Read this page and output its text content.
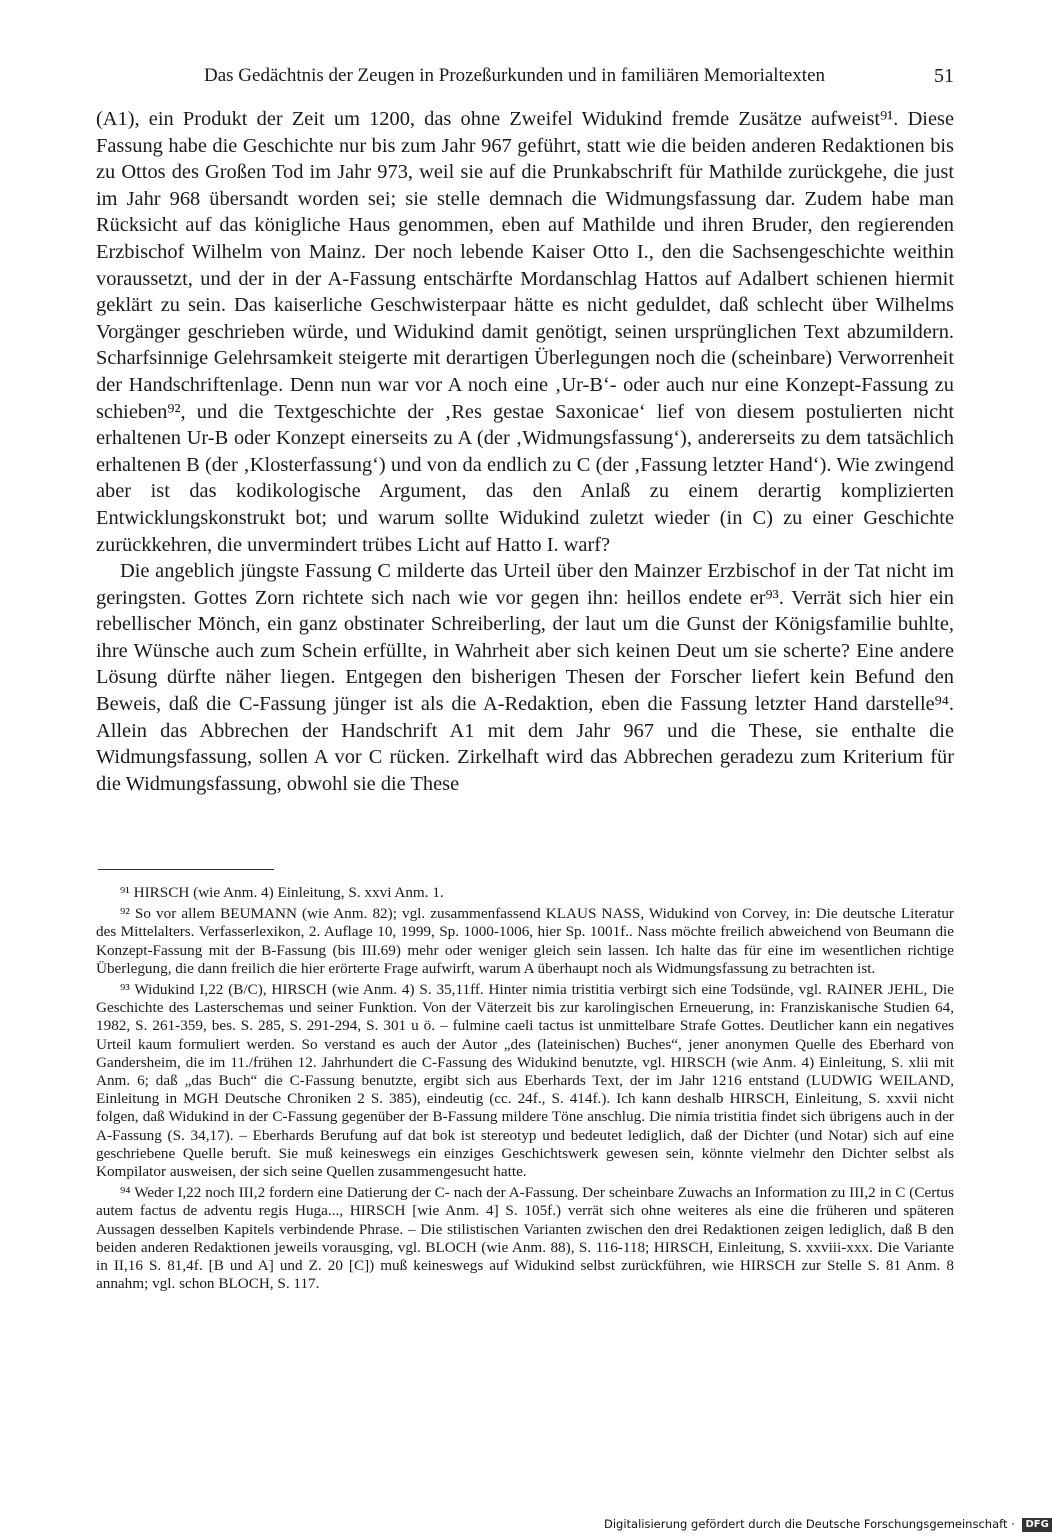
Das Gedächtnis der Zeugen in Prozeßurkunden und in familiären Memorialtexten	51

(A1), ein Produkt der Zeit um 1200, das ohne Zweifel Widukind fremde Zusätze aufweist⁹¹. Diese Fassung habe die Geschichte nur bis zum Jahr 967 geführt, statt wie die beiden anderen Redaktionen bis zu Ottos des Großen Tod im Jahr 973, weil sie auf die Prunkabschrift für Mathilde zurückgehe, die just im Jahr 968 übersandt worden sei; sie stelle demnach die Widmungsfassung dar. Zudem habe man Rücksicht auf das königliche Haus genommen, eben auf Mathilde und ihren Bruder, den regierenden Erzbischof Wilhelm von Mainz. Der noch lebende Kaiser Otto I., den die Sachsengeschichte weithin voraussetzt, und der in der A-Fassung entschärfte Mordanschlag Hattos auf Adalbert schienen hiermit geklärt zu sein. Das kaiserliche Geschwisterpaar hätte es nicht geduldet, daß schlecht über Wilhelms Vorgänger geschrieben würde, und Widukind damit genötigt, seinen ursprünglichen Text abzumildern. Scharfsinnige Gelehrsamkeit steigerte mit derartigen Überlegungen noch die (scheinbare) Verworrenheit der Handschriftenlage. Denn nun war vor A noch eine ‚Ur-B‘- oder auch nur eine Konzept-Fassung zu schieben⁹², und die Textgeschichte der ‚Res gestae Saxonicae‘ lief von diesem postulierten nicht erhaltenen Ur-B oder Konzept einerseits zu A (der ‚Widmungsfassung‘), andererseits zu dem tatsächlich erhaltenen B (der ‚Klosterfassung‘) und von da endlich zu C (der ‚Fassung letzter Hand‘). Wie zwingend aber ist das kodikologische Argument, das den Anlaß zu einem derartig komplizierten Entwicklungskonstrukt bot; und warum sollte Widukind zuletzt wieder (in C) zu einer Geschichte zurückkehren, die unvermindert trübes Licht auf Hatto I. warf?

Die angeblich jüngste Fassung C milderte das Urteil über den Mainzer Erzbischof in der Tat nicht im geringsten. Gottes Zorn richtete sich nach wie vor gegen ihn: heillos endete er⁹³. Verrät sich hier ein rebellischer Mönch, ein ganz obstinater Schreiberling, der laut um die Gunst der Königsfamilie buhlte, ihre Wünsche auch zum Schein erfüllte, in Wahrheit aber sich keinen Deut um sie scherte? Eine andere Lösung dürfte näher liegen. Entgegen den bisherigen Thesen der Forscher liefert kein Befund den Beweis, daß die C-Fassung jünger ist als die A-Redaktion, eben die Fassung letzter Hand darstelle⁹⁴. Allein das Abbrechen der Handschrift A1 mit dem Jahr 967 und die These, sie enthalte die Widmungsfassung, sollen A vor C rücken. Zirkelhaft wird das Abbrechen geradezu zum Kriterium für die Widmungsfassung, obwohl sie die These

⁹¹ HIRSCH (wie Anm. 4) Einleitung, S. xxvi Anm. 1.

⁹² So vor allem BEUMANN (wie Anm. 82); vgl. zusammenfassend KLAUS NASS, Widukind von Corvey, in: Die deutsche Literatur des Mittelalters. Verfasserlexikon, 2. Auflage 10, 1999, Sp. 1000-1006, hier Sp. 1001f.. Nass möchte freilich abweichend von Beumann die Konzept-Fassung mit der B-Fassung (bis III.69) mehr oder weniger gleich sein lassen. Ich halte das für eine im wesentlichen richtige Überlegung, die dann freilich die hier erörterte Frage aufwirft, warum A überhaupt noch als Widmungsfassung zu betrachten ist.

⁹³ Widukind I,22 (B/C), HIRSCH (wie Anm. 4) S. 35,11ff. Hinter nimia tristitia verbirgt sich eine Todsünde, vgl. RAINER JEHL, Die Geschichte des Lasterschemas und seiner Funktion. Von der Väterzeit bis zur karolingischen Erneuerung, in: Franziskanische Studien 64, 1982, S. 261-359, bes. S. 285, S. 291-294, S. 301 u ö. – fulmine caeli tactus ist unmittelbare Strafe Gottes. Deutlicher kann ein negatives Urteil kaum formuliert werden. So verstand es auch der Autor „des (lateinischen) Buches“, jener anonymen Quelle des Eberhard von Gandersheim, die im 11./frühen 12. Jahrhundert die C-Fassung des Widukind benutzte, vgl. HIRSCH (wie Anm. 4) Einleitung, S. xlii mit Anm. 6; daß „das Buch“ die C-Fassung benutzte, ergibt sich aus Eberhards Text, der im Jahr 1216 entstand (LUDWIG WEILAND, Einleitung in MGH Deutsche Chroniken 2 S. 385), eindeutig (cc. 24f., S. 414f.). Ich kann deshalb HIRSCH, Einleitung, S. xxvii nicht folgen, daß Widukind in der C-Fassung gegenüber der B-Fassung mildere Töne anschlug. Die nimia tristitia findet sich übrigens auch in der A-Fassung (S. 34,17). – Eberhards Berufung auf dat bok ist stereotyp und bedeutet lediglich, daß der Dichter (und Notar) sich auf eine geschriebene Quelle beruft. Sie muß keineswegs ein einziges Geschichtswerk gewesen sein, könnte vielmehr den Dichter selbst als Kompilator ausweisen, der sich seine Quellen zusammengesucht hatte.

⁹⁴ Weder I,22 noch III,2 fordern eine Datierung der C- nach der A-Fassung. Der scheinbare Zuwachs an Information zu III,2 in C (Certus autem factus de adventu regis Huga..., HIRSCH [wie Anm. 4] S. 105f.) verrät sich ohne weiteres als eine die früheren und späteren Aussagen desselben Kapitels verbindende Phrase. – Die stilistischen Varianten zwischen den drei Redaktionen zeigen lediglich, daß B den beiden anderen Redaktionen jeweils vorausging, vgl. BLOCH (wie Anm. 88), S. 116-118; HIRSCH, Einleitung, S. xxviii-xxx. Die Variante in II,16 S. 81,4f. [B und A] und Z. 20 [C]) muß keineswegs auf Widukind selbst zurückführen, wie HIRSCH zur Stelle S. 81 Anm. 8 annahm; vgl. schon BLOCH, S. 117.

Digitalisierung gefördert durch die Deutsche Forschungsgemeinschaft · DFG
